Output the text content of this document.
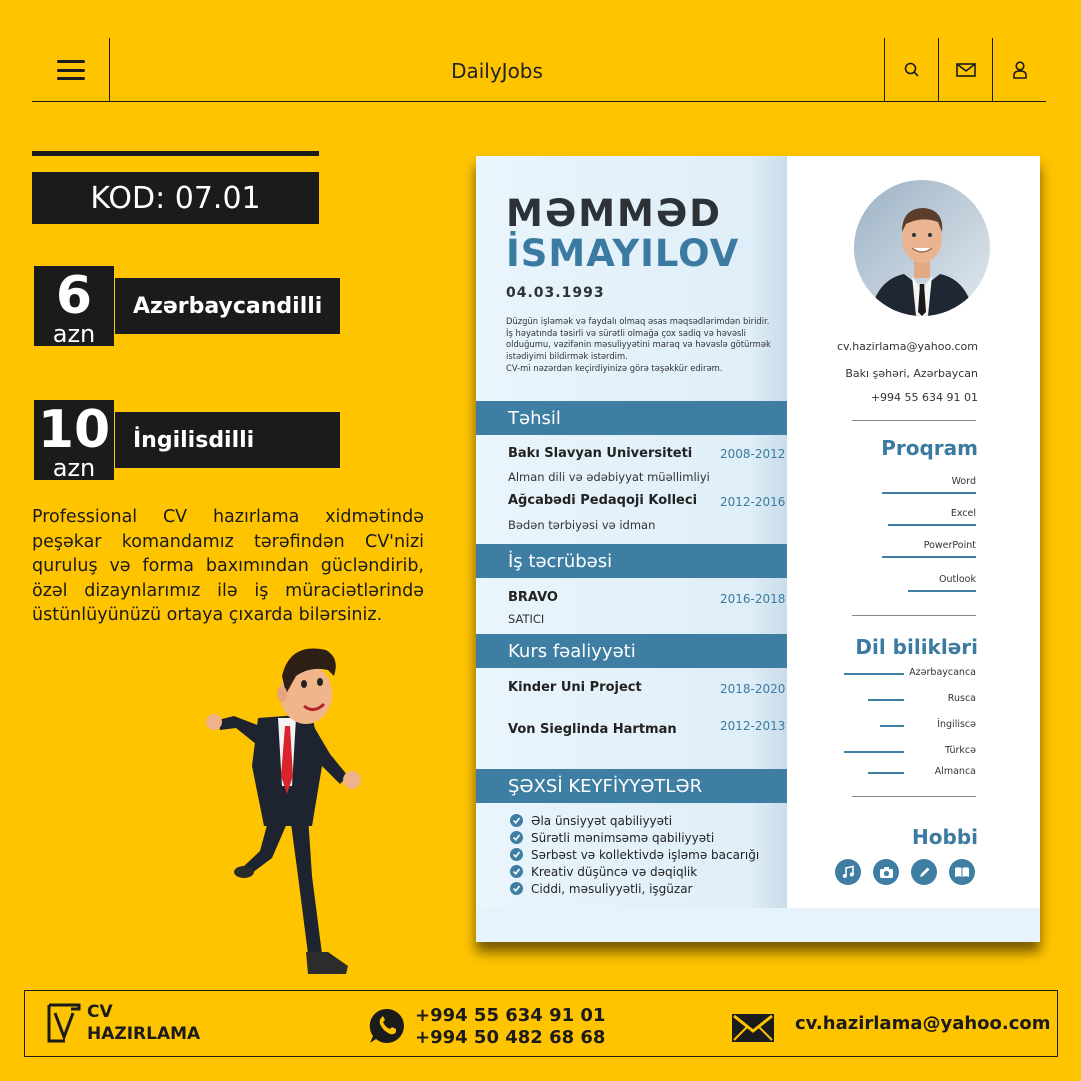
DailyJobs
KOD: 07.01
6
azn
Azərbaycandilli
10
azn
İngilisdilli
Professional CV hazırlama xidmətində peşəkar komandamız tərəfindən CV'nizi quruluş və forma baxımından gücləndirib, özəl dizaynlarımız ilə iş müraciətlərində üstünlüyünüzü ortaya çıxarda bilərsiniz.
MƏMMƏD
İSMAYILOV
04.03.1993
Düzgün işləmək və faydalı olmaq əsas məqsədlərimdən biridir. İş həyatında təsirli və sürətli olmağa çox sadiq və həvəsli olduğumu, vəzifənin məsuliyyətini maraq və həvəslə götürmək istədiyimi bildirmək istərdim.
CV-mi nəzərdən keçirdiyinizə görə təşəkkür edirəm.
Təhsil
Bakı Slavyan Universiteti 2008-2012
Alman dili və ədəbiyyat müəllimliyi
Ağcabədi Pedaqoji Kolleci 2012-2016
Bədən tərbiyəsi və idman
İş təcrübəsi
BRAVO	2016-2018
SATICI
Kurs fəaliyyəti
Kinder Uni Project	2018-2020
Von Sieglinda Hartman	2012-2013
ŞƏXSİ KEYFİYYƏTLƏR
Əla ünsiyyət qabiliyyəti
Sürətli mənimsəmə qabiliyyəti
Sərbəst və kollektivdə işləmə bacarığı
Kreativ düşüncə və dəqiqlik
Ciddi, məsuliyyətli, işgüzar
cv.hazirlama@yahoo.com
Bakı şəhəri, Azərbaycan
+994 55 634 91 01
Proqram
Dil bilikləri
Hobbi
Word
Excel
PowerPoint
Outlook
Azərbaycanca
Rusca
İngiliscə
Türkcə
Almanca
CV
HAZIRLAMA
+994 55 634 91 01
+994 50 482 68 68
cv.hazirlama@yahoo.com
